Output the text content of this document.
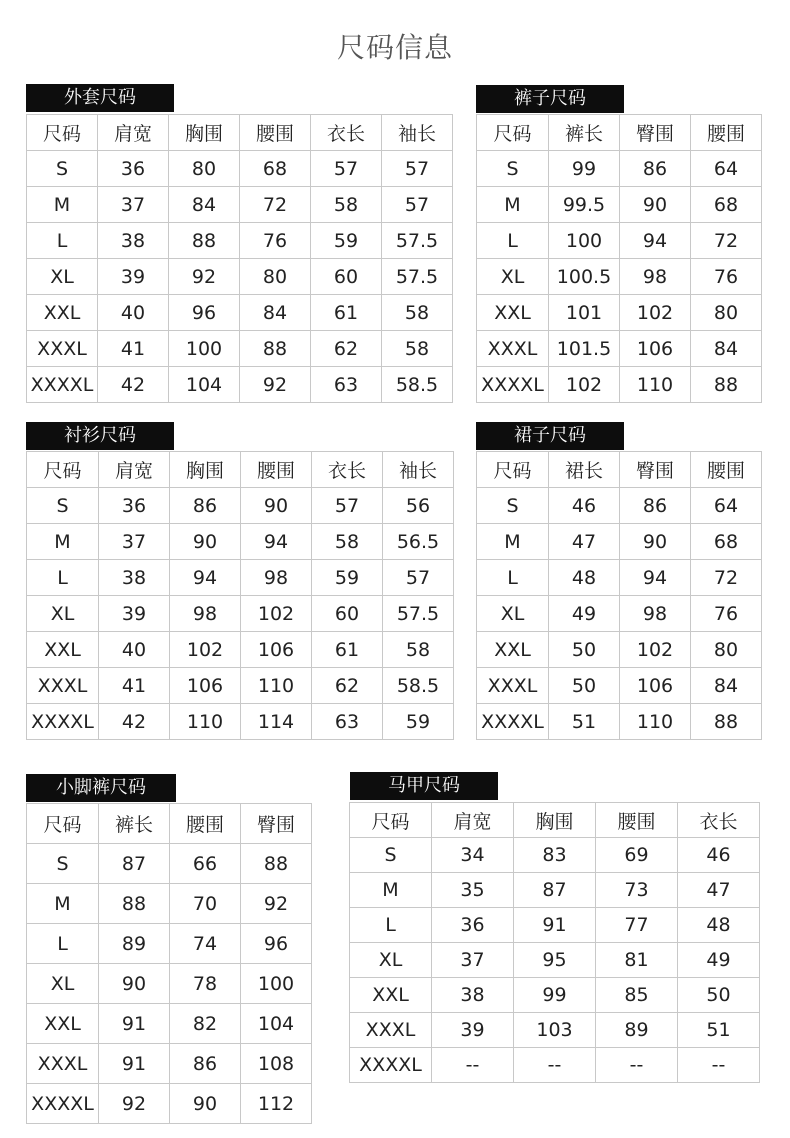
尺码信息
外套尺码
尺码	肩宽	胸围	腰围	衣长	袖长
S	36	80	68	57	57
M	37	84	72	58	57
L	38	88	76	59	57.5
XL	39	92	80	60	57.5
XXL	40	96	84	61	58
XXXL	41	100	88	62	58
XXXXL	42	104	92	63	58.5
裤子尺码
尺码	裤长	臀围	腰围
S	99	86	64
M	99.5	90	68
L	100	94	72
XL	100.5	98	76
XXL	101	102	80
XXXL	101.5	106	84
XXXXL	102	110	88
衬衫尺码
尺码	肩宽	胸围	腰围	衣长	袖长
S	36	86	90	57	56
M	37	90	94	58	56.5
L	38	94	98	59	57
XL	39	98	102	60	57.5
XXL	40	102	106	61	58
XXXL	41	106	110	62	58.5
XXXXL	42	110	114	63	59
裙子尺码
尺码	裙长	臀围	腰围
S	46	86	64
M	47	90	68
L	48	94	72
XL	49	98	76
XXL	50	102	80
XXXL	50	106	84
XXXXL	51	110	88
小脚裤尺码
尺码	裤长	腰围	臀围
S	87	66	88
M	88	70	92
L	89	74	96
XL	90	78	100
XXL	91	82	104
XXXL	91	86	108
XXXXL	92	90	112
马甲尺码
尺码	肩宽	胸围	腰围	衣长
S	34	83	69	46
M	35	87	73	47
L	36	91	77	48
XL	37	95	81	49
XXL	38	99	85	50
XXXL	39	103	89	51
XXXXL	--	--	--	--
